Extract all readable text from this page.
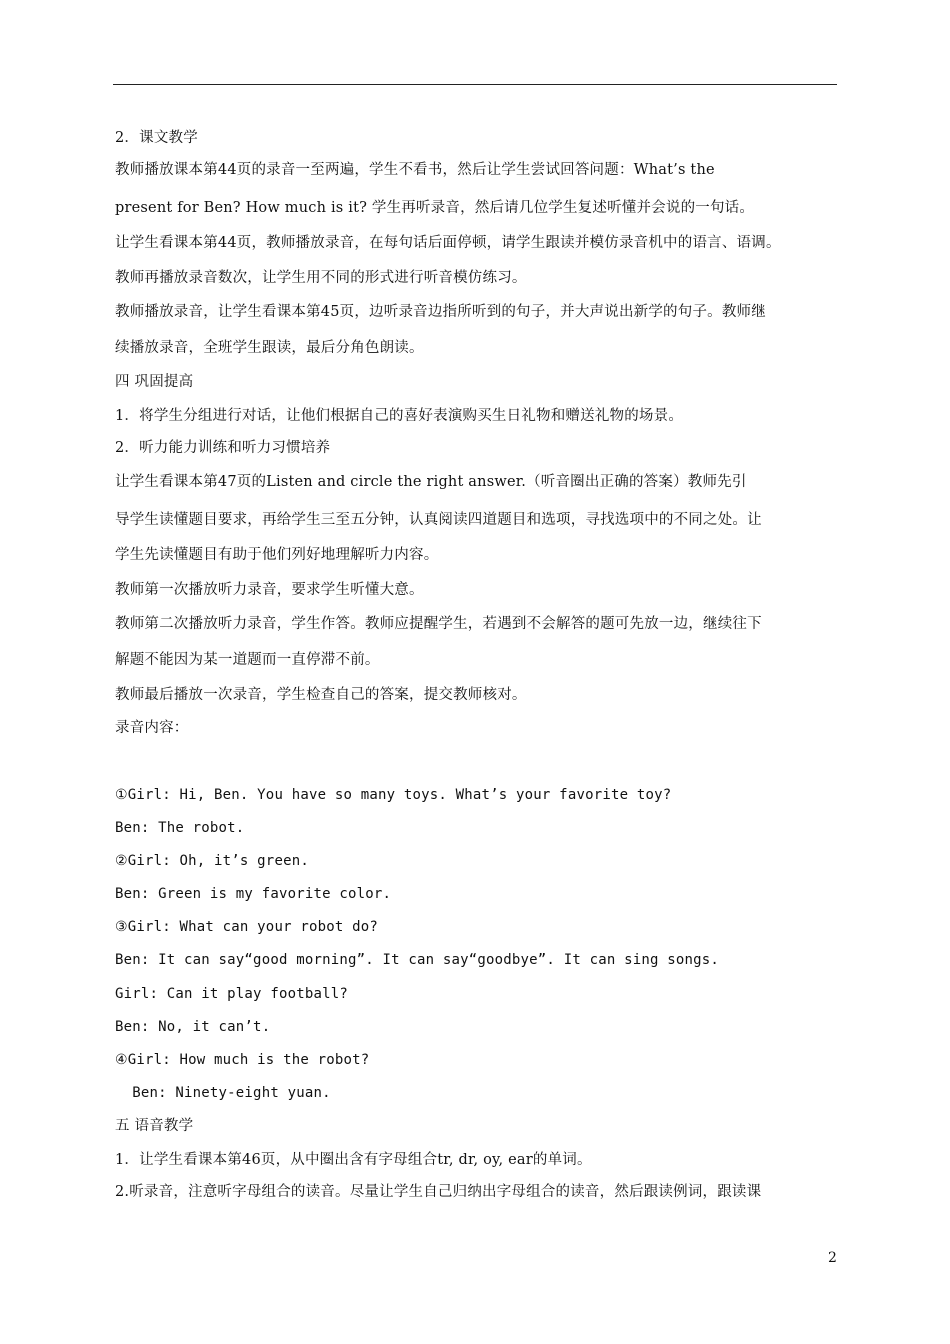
2．课文教学
教师播放课本第44页的录音一至两遍，学生不看书，然后让学生尝试回答问题：What’s the
present for Ben? How much is it? 学生再听录音，然后请几位学生复述听懂并会说的一句话。
让学生看课本第44页，教师播放录音，在每句话后面停顿，请学生跟读并模仿录音机中的语言、语调。
教师再播放录音数次，让学生用不同的形式进行听音模仿练习。
教师播放录音，让学生看课本第45页，边听录音边指所听到的句子，并大声说出新学的句子。教师继
续播放录音，全班学生跟读，最后分角色朗读。
四 巩固提高
1．将学生分组进行对话，让他们根据自己的喜好表演购买生日礼物和赠送礼物的场景。
2．听力能力训练和听力习惯培养
让学生看课本第47页的Listen and circle the right answer.（听音圈出正确的答案）教师先引
导学生读懂题目要求，再给学生三至五分钟，认真阅读四道题目和选项，寻找选项中的不同之处。让
学生先读懂题目有助于他们列好地理解听力内容。
教师第一次播放听力录音，要求学生听懂大意。
教师第二次播放听力录音，学生作答。教师应提醒学生，若遇到不会解答的题可先放一边，继续往下
解题不能因为某一道题而一直停滞不前。
教师最后播放一次录音，学生检查自己的答案，提交教师核对。
录音内容：
①Girl: Hi, Ben. You have so many toys. What’s your favorite toy?
Ben: The robot.
②Girl: Oh, it’s green.
Ben: Green is my favorite color.
③Girl: What can your robot do?
Ben: It can say“good morning”. It can say“goodbye”. It can sing songs.
Girl: Can it play football?
Ben: No, it can’t.
④Girl: How much is the robot?
Ben: Ninety-eight yuan.
五 语音教学
1．让学生看课本第46页，从中圈出含有字母组合tr, dr, oy, ear的单词。
2.听录音，注意听字母组合的读音。尽量让学生自己归纳出字母组合的读音，然后跟读例词，跟读课
2
